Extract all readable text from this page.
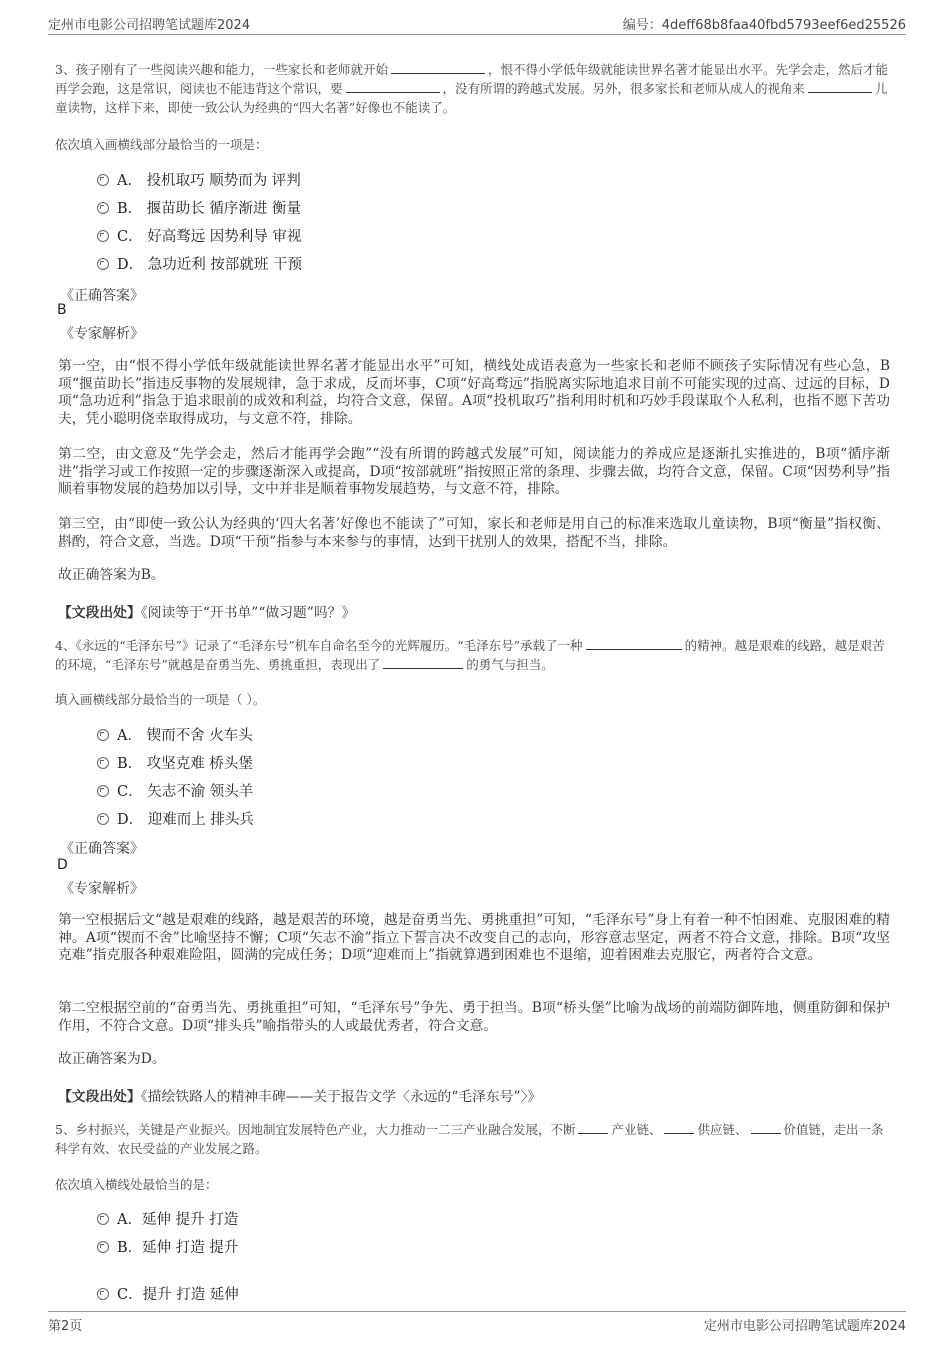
定州市电影公司招聘笔试题库2024	编号：4deff68b8faa40fbd5793eef6ed25526
3、孩子刚有了一些阅读兴趣和能力，一些家长和老师就开始	，恨不得小学低年级就能读世界名著才能显出水平。先学会走，然后才能再学会跑，这是常识，阅读也不能违背这个常识，要	，没有所谓的跨越式发展。另外，很多家长和老师从成人的视角来	儿童读物，这样下来，即使一致公认为经典的“四大名著”好像也不能读了。
依次填入画横线部分最恰当的一项是：
A． 投机取巧 顺势而为 评判
B． 揠苗助长 循序渐进 衡量
C． 好高骛远 因势利导 审视
D． 急功近利 按部就班 干预
《正确答案》
B
《专家解析》
第一空，由“恨不得小学低年级就能读世界名著才能显出水平”可知，横线处成语表意为一些家长和老师不顾孩子实际情况有些心急，B项“揠苗助长”指违反事物的发展规律，急于求成，反而坏事，C项“好高骛远”指脱离实际地追求目前不可能实现的过高、过远的目标，D项“急功近利”指急于追求眼前的成效和利益，均符合文意，保留。A项“投机取巧”指利用时机和巧妙手段谋取个人私利，也指不愿下苦功夫，凭小聪明侥幸取得成功，与文意不符，排除。
第二空，由文意及“先学会走，然后才能再学会跑”“没有所谓的跨越式发展”可知，阅读能力的养成应是逐渐扎实推进的，B项“循序渐进”指学习或工作按照一定的步骤逐渐深入或提高，D项“按部就班”指按照正常的条理、步骤去做，均符合文意，保留。C项“因势利导”指顺着事物发展的趋势加以引导，文中并非是顺着事物发展趋势，与文意不符，排除。
第三空，由“即使一致公认为经典的‘四大名著’好像也不能读了”可知，家长和老师是用自己的标准来选取儿童读物，B项“衡量”指权衡、斟酌，符合文意，当选。D项“干预”指参与本来参与的事情，达到干扰别人的效果，搭配不当，排除。
故正确答案为B。
【文段出处】《阅读等于“开书单”“做习题”吗？》
4、《永远的“毛泽东号”》记录了“毛泽东号”机车自命名至今的光辉履历。“毛泽东号”承载了一种	的精神。越是艰难的线路，越是艰苦的环境，“毛泽东号”就越是奋勇当先、勇挑重担，表现出了	的勇气与担当。
填入画横线部分最恰当的一项是（ ）。
A． 锲而不舍 火车头
B． 攻坚克难 桥头堡
C． 矢志不渝 领头羊
D． 迎难而上 排头兵
《正确答案》
D
《专家解析》
第一空根据后文“越是艰难的线路，越是艰苦的环境，越是奋勇当先、勇挑重担”可知，“毛泽东号”身上有着一种不怕困难、克服困难的精神。A项“锲而不舍”比喻坚持不懈；C项“矢志不渝”指立下誓言决不改变自己的志向，形容意志坚定，两者不符合文意，排除。B项“攻坚克难”指克服各种艰难险阻，圆满的完成任务；D项“迎难而上”指就算遇到困难也不退缩，迎着困难去克服它，两者符合文意。
第二空根据空前的“奋勇当先、勇挑重担”可知，“毛泽东号”争先、勇于担当。B项“桥头堡”比喻为战场的前端防御阵地，侧重防御和保护作用，不符合文意。D项“排头兵”喻指带头的人或最优秀者，符合文意。
故正确答案为D。
【文段出处】《描绘铁路人的精神丰碑——关于报告文学〈永远的“毛泽东号”〉》
5、乡村振兴，关键是产业振兴。因地制宜发展特色产业，大力推动一二三产业融合发展，不断	产业链、	供应链、	价值链，走出一条科学有效、农民受益的产业发展之路。
依次填入横线处最恰当的是：
A．延伸 提升 打造
B．延伸 打造 提升
C．提升 打造 延伸
第2页	定州市电影公司招聘笔试题库2024
